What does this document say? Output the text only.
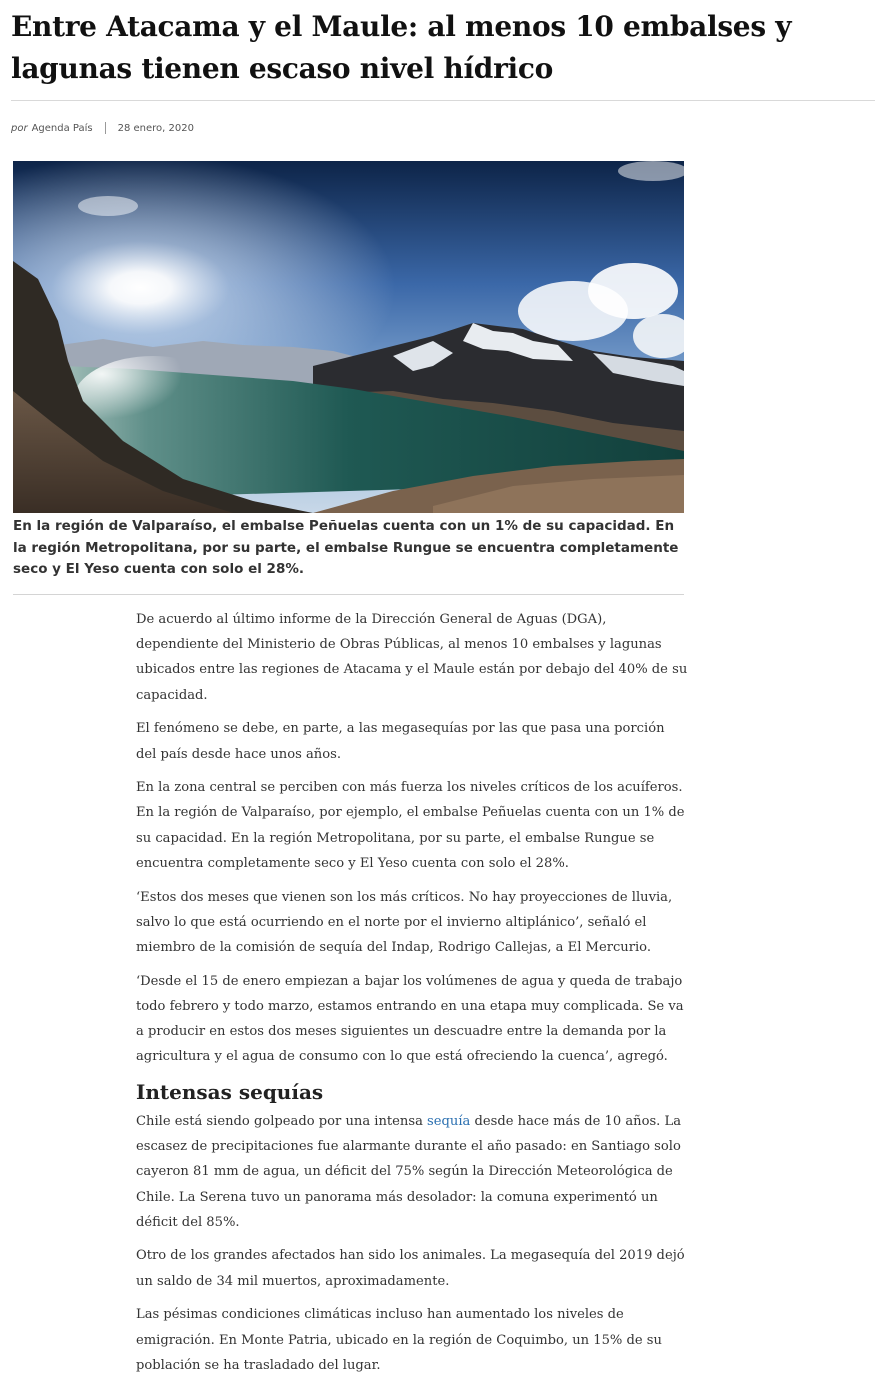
Entre Atacama y el Maule: al menos 10 embalses y lagunas tienen escaso nivel hídrico
por Agenda País	28 enero, 2020

En la región de Valparaíso, el embalse Peñuelas cuenta con un 1% de su capacidad. En la región Metropolitana, por su parte, el embalse Rungue se encuentra completamente seco y El Yeso cuenta con solo el 28%.

De acuerdo al último informe de la Dirección General de Aguas (DGA), dependiente del Ministerio de Obras Públicas, al menos 10 embalses y lagunas ubicados entre las regiones de Atacama y el Maule están por debajo del 40% de su capacidad.

El fenómeno se debe, en parte, a las megasequías por las que pasa una porción del país desde hace unos años.

En la zona central se perciben con más fuerza los niveles críticos de los acuíferos. En la región de Valparaíso, por ejemplo, el embalse Peñuelas cuenta con un 1% de su capacidad. En la región Metropolitana, por su parte, el embalse Rungue se encuentra completamente seco y El Yeso cuenta con solo el 28%.

‘Estos dos meses que vienen son los más críticos. No hay proyecciones de lluvia, salvo lo que está ocurriendo en el norte por el invierno altiplánico’, señaló el miembro de la comisión de sequía del Indap, Rodrigo Callejas, a El Mercurio.

‘Desde el 15 de enero empiezan a bajar los volúmenes de agua y queda de trabajo todo febrero y todo marzo, estamos entrando en una etapa muy complicada. Se va a producir en estos dos meses siguientes un descuadre entre la demanda por la agricultura y el agua de consumo con lo que está ofreciendo la cuenca’, agregó.

Intensas sequías

Chile está siendo golpeado por una intensa sequía desde hace más de 10 años. La escasez de precipitaciones fue alarmante durante el año pasado: en Santiago solo cayeron 81 mm de agua, un déficit del 75% según la Dirección Meteorológica de Chile. La Serena tuvo un panorama más desolador: la comuna experimentó un déficit del 85%.

Otro de los grandes afectados han sido los animales. La megasequía del 2019 dejó un saldo de 34 mil muertos, aproximadamente.

Las pésimas condiciones climáticas incluso han aumentado los niveles de emigración. En Monte Patria, ubicado en la región de Coquimbo, un 15% de su población se ha trasladado del lugar.
